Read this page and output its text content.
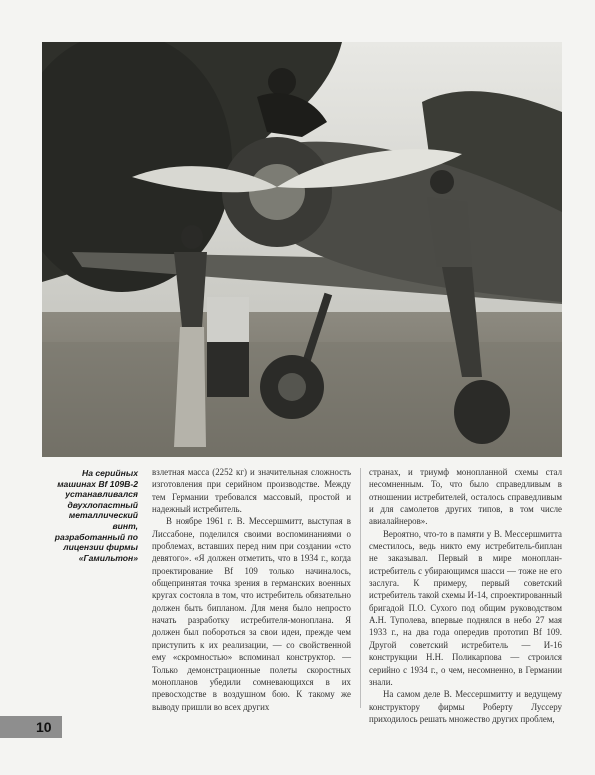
На серийных машинах Bf 109B-2 устанавливался двухлопастный металлический винт, разработанный по лицензии фирмы «Гамильтон»

взлетная масса (2252 кг) и значительная сложность изготовления при серийном производстве. Между тем Германии требовался массовый, простой и надежный истребитель.

В ноябре 1961 г. В. Мессершмитт, выступая в Лиссабоне, поделился своими воспоминаниями о проблемах, вставших перед ним при создании «сто девятого». «Я должен отметить, что в 1934 г., когда проектирование Bf 109 только начиналось, общепринятая точка зрения в германских военных кругах состояла в том, что истребитель обязательно должен быть бипланом. Для меня было непросто начать разработку истребителя-моноплана. Я должен был побороться за свои идеи, прежде чем приступить к их реализации, — со свойственной ему «скромностью» вспоминал конструктор. — Только демонстрационные полеты скоростных монопланов убедили сомневающихся в их превосходстве в воздушном бою. К такому же выводу пришли во всех других

странах, и триумф монопланной схемы стал несомненным. То, что было справедливым в отношении истребителей, осталось справедливым и для самолетов других типов, в том числе авиалайнеров».

Вероятно, что-то в памяти у В. Мессершмитта сместилось, ведь никто ему истребитель-биплан не заказывал. Первый в мире моноплан-истребитель с убирающимся шасси — тоже не его заслуга. К примеру, первый советский истребитель такой схемы И-14, спроектированный бригадой П.О. Сухого под общим руководством А.Н. Туполева, впервые поднялся в небо 27 мая 1933 г., на два года опередив прототип Bf 109. Другой советский истребитель — И-16 конструкции Н.Н. Поликарпова — строился серийно с 1934 г., о чем, несомненно, в Германии знали.

На самом деле В. Мессершмитту и ведущему конструктору фирмы Роберту Луссеру приходилось решать множество других проблем,

10
